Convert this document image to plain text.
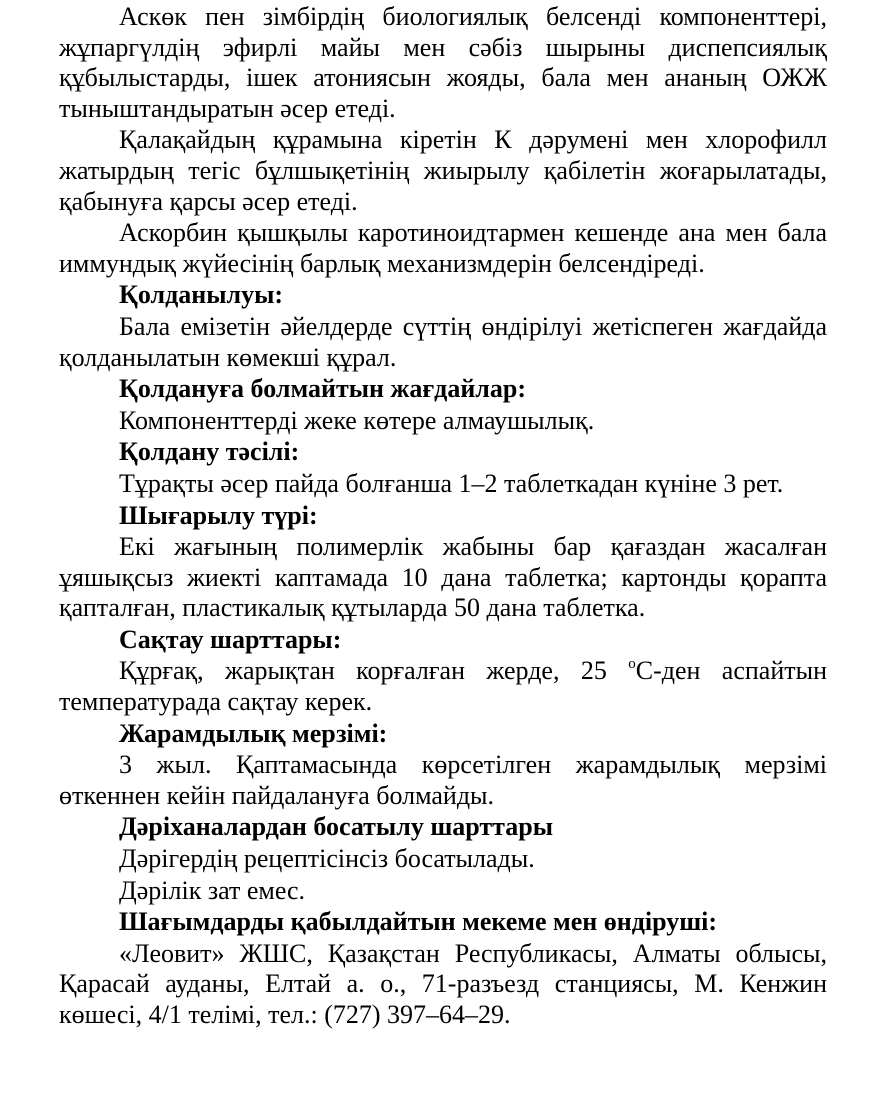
Аскөк пен зімбірдің биологиялық белсенді компоненттері, жұпаргүлдің эфирлі майы мен сәбіз шырыны диспепсиялық құбылыстарды, ішек атониясын жояды, бала мен ананың ОЖЖ тыныштандыратын әсер етеді.

Қалақайдың құрамына кіретін К дәрумені мен хлорофилл жатырдың тегіс бұлшықетінің жиырылу қабілетін жоғарылатады, қабынуға қарсы әсер етеді.

Аскорбин қышқылы каротиноидтармен кешенде ана мен бала иммундық жүйесінің барлық механизмдерін белсендіреді.

Қолданылуы:

Бала емізетін әйелдерде сүттің өндірілуі жетіспеген жағдайда қолданылатын көмекші құрал.

Қолдануға болмайтын жағдайлар:

Компоненттерді жеке көтере алмаушылық.

Қолдану тәсілі:

Тұрақты әсер пайда болғанша 1–2 таблеткадан күніне 3 рет.

Шығарылу түрі:

Екі жағының полимерлік жабыны бар қағаздан жасалған ұяшықсыз жиекті каптамада 10 дана таблетка; картонды қорапта қапталған, пластикалық құтыларда 50 дана таблетка.

Сақтау шарттары:

Құрғақ, жарықтан корғалған жерде, 25 $^о$С-ден аспайтын температурада сақтау керек.

Жарамдылық мерзімі:

3 жыл. Қаптамасында көрсетілген жарамдылық мерзімі өткеннен кейін пайдалануға болмайды.

Дәріханалардан босатылу шарттары

Дәрігердің рецептісінсіз босатылады.

Дәрілік зат емес.

Шағымдарды қабылдайтын мекеме мен өндіруші:

«Леовит» ЖШС, Қазақстан Республикасы, Алматы облысы, Қарасай ауданы, Елтай а. о., 71-разъезд станциясы, М. Кенжин көшесі, 4/1 телімі, тел.: (727) 397–64–29.
